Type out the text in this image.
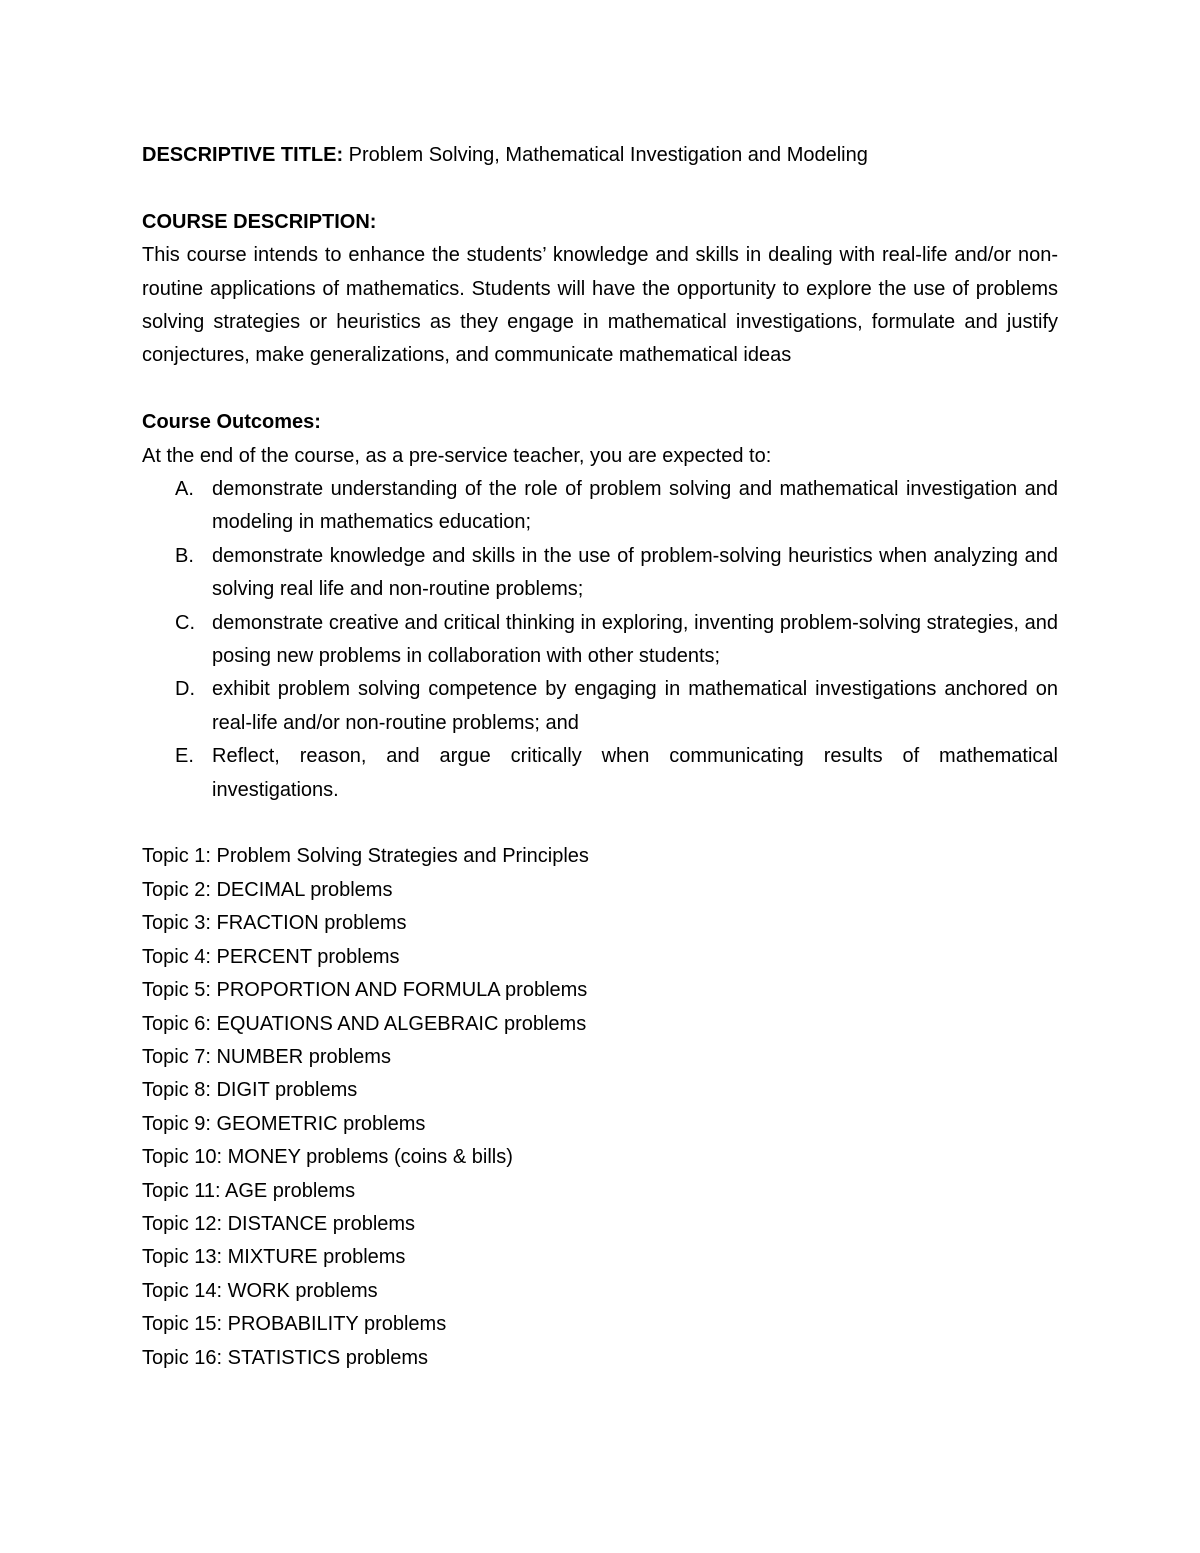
DESCRIPTIVE TITLE: Problem Solving, Mathematical Investigation and Modeling

COURSE DESCRIPTION:

This course intends to enhance the students’ knowledge and skills in dealing with real-life and/or non-routine applications of mathematics. Students will have the opportunity to explore the use of problems solving strategies or heuristics as they engage in mathematical investigations, formulate and justify conjectures, make generalizations, and communicate mathematical ideas

Course Outcomes:

At the end of the course, as a pre-service teacher, you are expected to:

A. demonstrate understanding of the role of problem solving and mathematical investigation and modeling in mathematics education;
B. demonstrate knowledge and skills in the use of problem-solving heuristics when analyzing and solving real life and non-routine problems;
C. demonstrate creative and critical thinking in exploring, inventing problem-solving strategies, and posing new problems in collaboration with other students;
D. exhibit problem solving competence by engaging in mathematical investigations anchored on real-life and/or non-routine problems; and
E. Reflect, reason, and argue critically when communicating results of mathematical investigations.
Topic 1: Problem Solving Strategies and Principles
Topic 2: DECIMAL problems
Topic 3: FRACTION problems
Topic 4: PERCENT problems
Topic 5: PROPORTION AND FORMULA problems
Topic 6: EQUATIONS AND ALGEBRAIC problems
Topic 7: NUMBER problems
Topic 8: DIGIT problems
Topic 9: GEOMETRIC problems
Topic 10: MONEY problems (coins & bills)
Topic 11: AGE problems
Topic 12: DISTANCE problems
Topic 13: MIXTURE problems
Topic 14: WORK problems
Topic 15: PROBABILITY problems
Topic 16: STATISTICS problems
